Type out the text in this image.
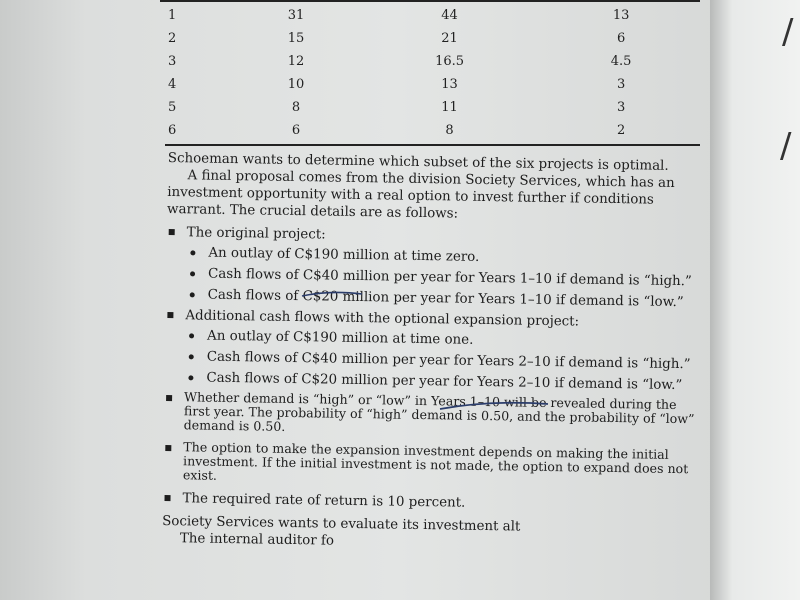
1	31	44	13
2	15	21	6
3	12	16.5	4.5
4	10	13	3
5	8	11	3
6	6	8	2

Schoeman wants to determine which subset of the six projects is optimal.

A final proposal comes from the division Society Services, which has an investment opportunity with a real option to invest further if conditions warrant. The crucial details are as follows:

The original project:
An outlay of C$190 million at time zero.
Cash flows of C$40 million per year for Years 1–10 if demand is “high.”
Cash flows of C$20 million per year for Years 1–10 if demand is “low.”
Additional cash flows with the optional expansion project:
An outlay of C$190 million at time one.
Cash flows of C$40 million per year for Years 2–10 if demand is “high.”
Cash flows of C$20 million per year for Years 2–10 if demand is “low.”
Whether demand is “high” or “low” in Years 1–10 will be revealed during the first year. The probability of “high” demand is 0.50, and the probability of “low” demand is 0.50.
The option to make the expansion investment depends on making the initial investment. If the initial investment is not made, the option to expand does not exist.
The required rate of return is 10 percent.

Society Services wants to evaluate its investment alt

The internal auditor fo

/
/
